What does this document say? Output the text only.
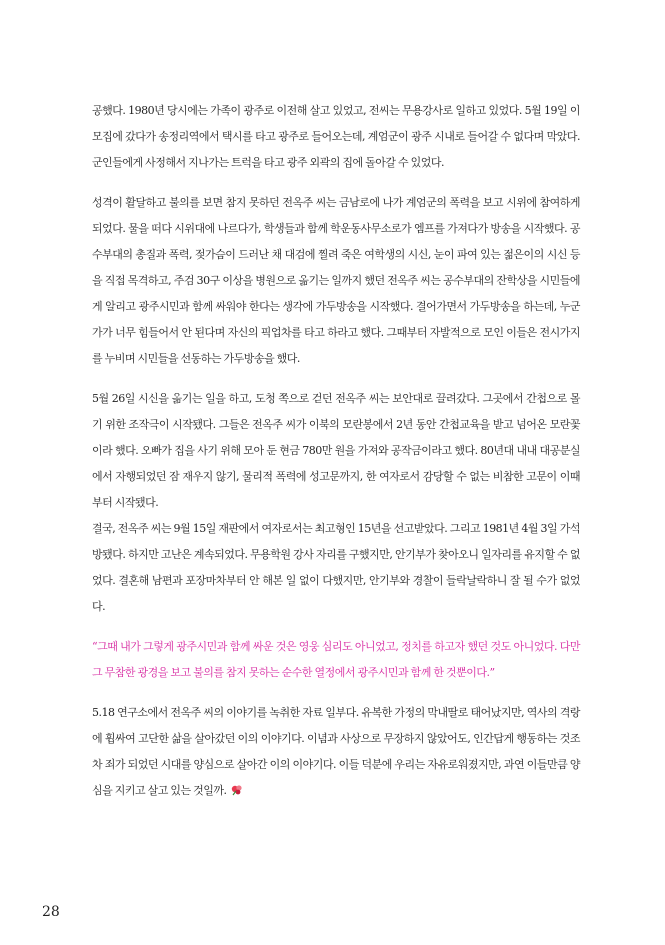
공했다. 1980년 당시에는 가족이 광주로 이전해 살고 있었고, 전씨는 무용강사로 일하고 있었다. 5월 19일 이모집에 갔다가 송정리역에서 택시를 타고 광주로 들어오는데, 계엄군이 광주 시내로 들어갈 수 없다며 막았다. 군인들에게 사정해서 지나가는 트럭을 타고 광주 외곽의 집에 돌아갈 수 있었다.

성격이 활달하고 불의를 보면 참지 못하던 전옥주 씨는 금남로에 나가 계엄군의 폭력을 보고 시위에 참여하게 되었다. 물을 떠다 시위대에 나르다가, 학생들과 함께 학운동사무소로가 엠프를 가져다가 방송을 시작했다. 공수부대의 총질과 폭력, 젖가슴이 드러난 채 대검에 찔려 죽은 여학생의 시신, 눈이 파여 있는 젊은이의 시신 등을 직접 목격하고, 주검 30구 이상을 병원으로 옮기는 일까지 했던 전옥주 씨는 공수부대의 잔학상을 시민들에게 알리고 광주시민과 함께 싸워야 한다는 생각에 가두방송을 시작했다. 결어가면서 가두방송을 하는데, 누군가가 너무 힘들어서 안 된다며 자신의 픽업차를 타고 하라고 했다. 그때부터 자발적으로 모인 이들은 전시가지를 누비며 시민들을 선동하는 가두방송을 했다.

5월 26일 시신을 옮기는 일을 하고, 도청 쪽으로 걷던 전옥주 씨는 보안대로 끌려갔다. 그곳에서 간첩으로 몰기 위한 조작극이 시작됐다. 그들은 전옥주 씨가 이북의 모란봉에서 2년 동안 간첩교육을 받고 넘어온 모란꽃이라 했다. 오빠가 집을 사기 위해 모아 둔 현금 780만 원을 가져와 공작금이라고 했다. 80년대 내내 대공분실에서 자행되었던 잠 재우지 않기, 물리적 폭력에 성고문까지, 한 여자로서 감당할 수 없는 비참한 고문이 이때부터 시작됐다.

결국, 전옥주 씨는 9월 15일 재판에서 여자로서는 최고형인 15년을 선고받았다. 그리고 1981년 4월 3일 가석방됐다. 하지만 고난은 계속되었다. 무용학원 강사 자리를 구했지만, 안기부가 찾아오니 일자리를 유지할 수 없었다. 결혼해 남편과 포장마차부터 안 해본 일 없이 다했지만, 안기부와 경찰이 들락날락하니 잘 될 수가 없었다.

“그때 내가 그렇게 광주시민과 함께 싸운 것은 영웅 심리도 아니었고, 정치를 하고자 했던 것도 아니었다. 다만 그 무참한 광경을 보고 불의를 참지 못하는 순수한 열정에서 광주시민과 함께 한 것뿐이다.”

5.18 연구소에서 전옥주 씨의 이야기를 녹취한 자료 일부다. 유복한 가정의 막내딸로 태어났지만, 역사의 격랑에 휩싸여 고단한 삶을 살아갔던 이의 이야기다. 이념과 사상으로 무장하지 않았어도, 인간답게 행동하는 것조차 죄가 되었던 시대를 양심으로 살아간 이의 이야기다. 이들 덕분에 우리는 자유로워졌지만, 과연 이들만큼 양심을 지키고 살고 있는 것일까.

28
